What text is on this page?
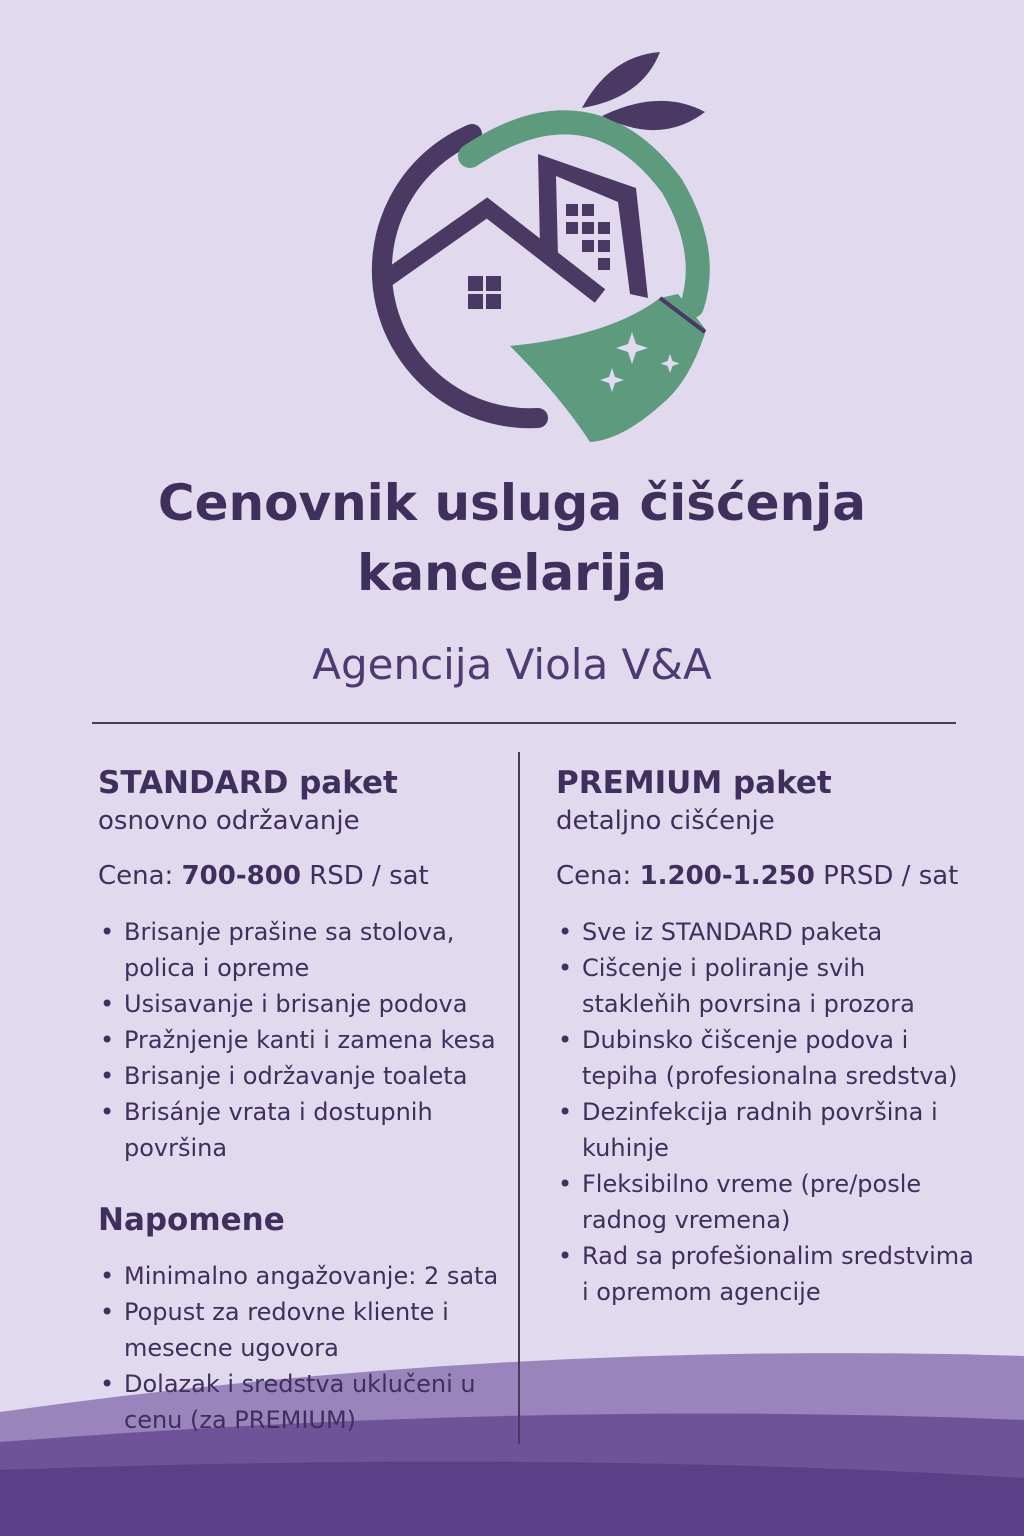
Cenovnik usluga čišćenja kancelarija
Agencija Viola V&A
STANDARD paket
osnovno održavanje
Cena: 700-800 RSD / sat
• Brisanje prašine sa stolova, polica i opreme
• Usisavanje i brisanje podova
• Pražnjenje kanti i zamena kesa
• Brisanje i održavanje toaleta
• Brisánje vrata i dostupnih površina
Napomene
• Minimalno angažovanje: 2 sata
• Popust za redovne kliente i mesecne ugovora
• Dolazak i sredstva uklučeni u cenu (za PREMIUM)
PREMIUM paket
detaljno cišćenje
Cena: 1.200-1.250 PRSD / sat
• Sve iz STANDARD paketa
• Cišcenje i poliranje svih stakleňih povrsina i prozora
• Dubinsko čišcenje podova i tepiha (profesionalna sredstva)
• Dezinfekcija radnih površina i kuhinje
• Fleksibilno vreme (pre/posle radnog vremena)
• Rad sa profešionalim sredstvima i opremom agencije
